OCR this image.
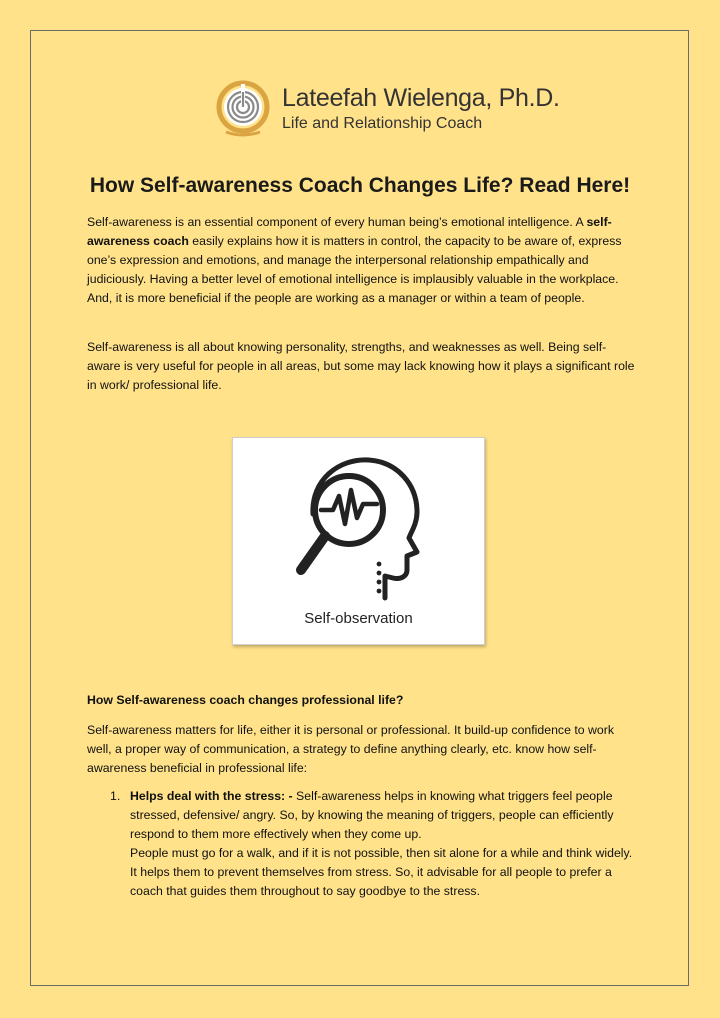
Lateefah Wielenga, Ph.D.
Life and Relationship Coach
How Self-awareness Coach Changes Life? Read Here!

Self-awareness is an essential component of every human being’s emotional intelligence. A self-awareness coach easily explains how it is matters in control, the capacity to be aware of, express one’s expression and emotions, and manage the interpersonal relationship empathically and judiciously. Having a better level of emotional intelligence is implausibly valuable in the workplace. And, it is more beneficial if the people are working as a manager or within a team of people.

Self-awareness is all about knowing personality, strengths, and weaknesses as well. Being self-aware is very useful for people in all areas, but some may lack knowing how it plays a significant role in work/ professional life.

Self-observation
How Self-awareness coach changes professional life?

Self-awareness matters for life, either it is personal or professional. It build-up confidence to work well, a proper way of communication, a strategy to define anything clearly, etc. know how self-awareness beneficial in professional life:

1. Helps deal with the stress: - Self-awareness helps in knowing what triggers feel people stressed, defensive/ angry. So, by knowing the meaning of triggers, people can efficiently respond to them more effectively when they come up.
People must go for a walk, and if it is not possible, then sit alone for a while and think widely. It helps them to prevent themselves from stress. So, it advisable for all people to prefer a coach that guides them throughout to say goodbye to the stress.
